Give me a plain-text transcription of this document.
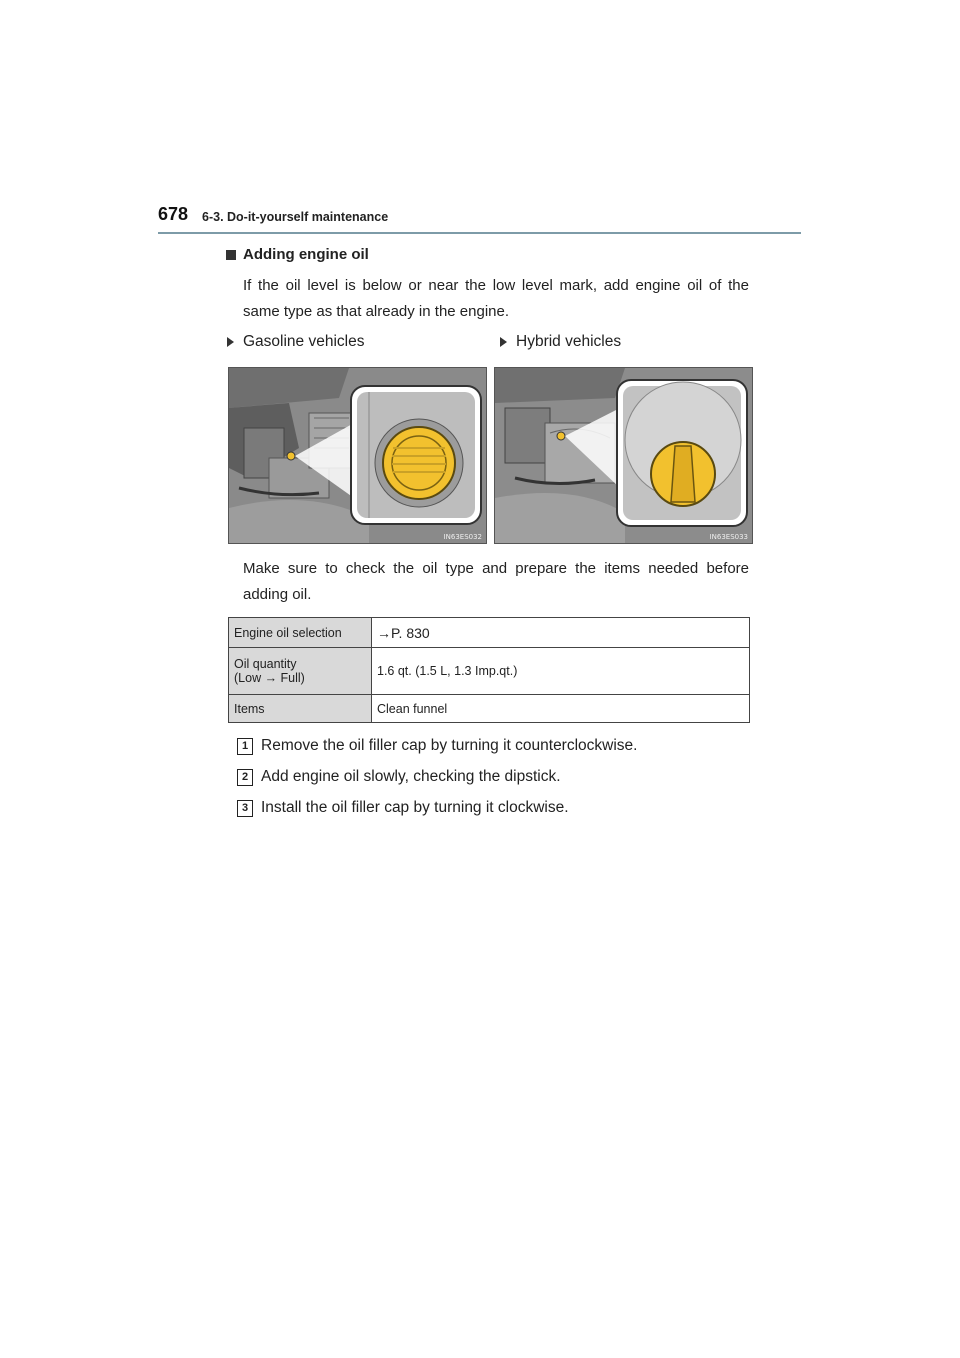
678 6-3. Do-it-yourself maintenance
Adding engine oil
If the oil level is below or near the low level mark, add engine oil of the same type as that already in the engine.
Gasoline vehicles	Hybrid vehicles
IN63ES032	IN63ES033
Make sure to check the oil type and prepare the items needed before adding oil.
Engine oil selection	→P. 830

Oil quantity
(Low → Full)	1.6 qt. (1.5 L, 1.3 Imp.qt.)
Items	Clean funnel
1 Remove the oil filler cap by turning it counterclockwise.
2 Add engine oil slowly, checking the dipstick.
3 Install the oil filler cap by turning it clockwise.
